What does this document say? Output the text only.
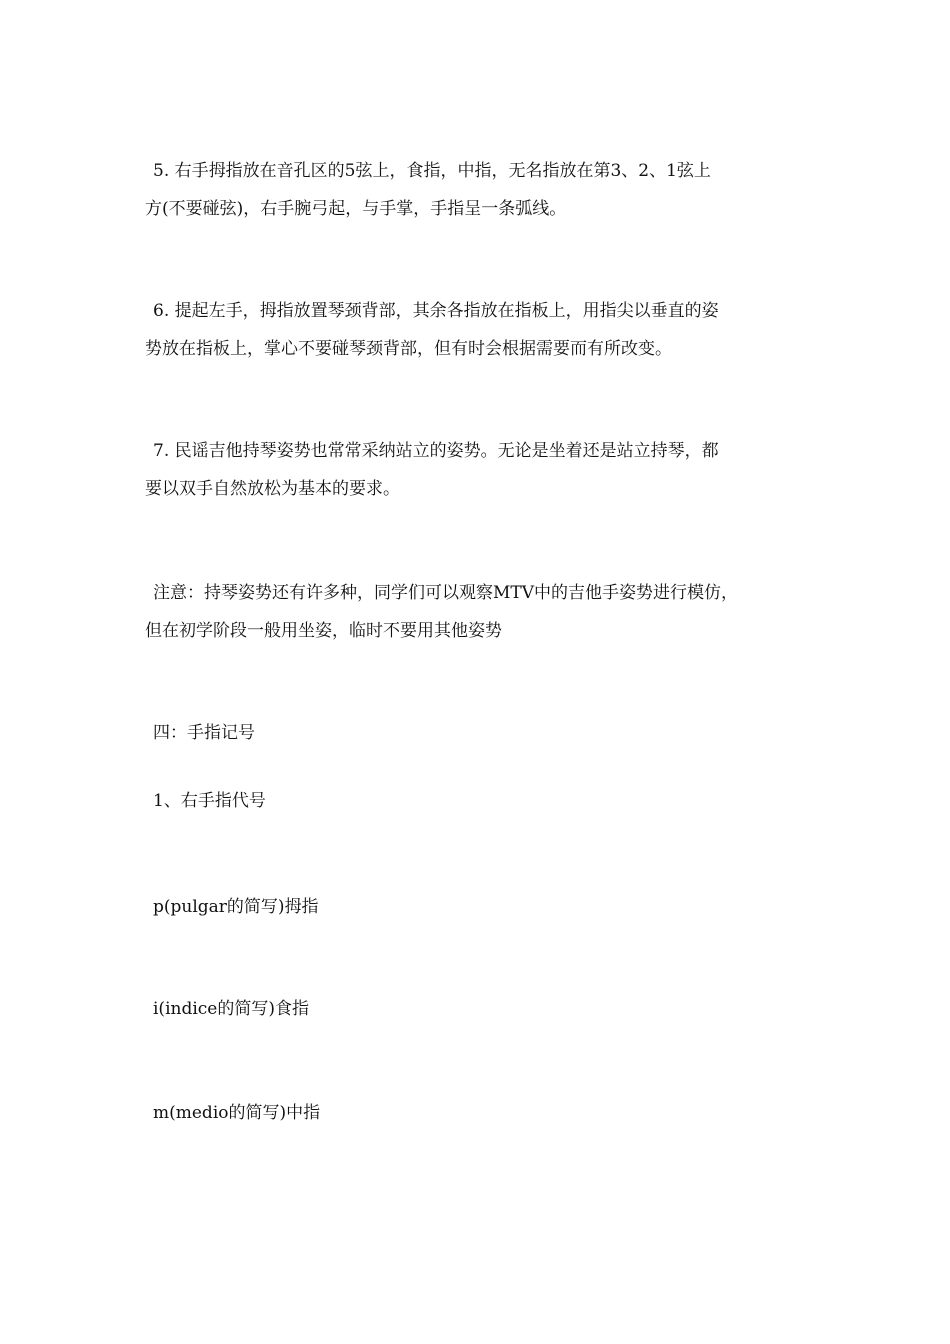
5. 右手拇指放在音孔区的5弦上，食指，中指，无名指放在第3、2、1弦上
方(不要碰弦)，右手腕弓起，与手掌，手指呈一条弧线。

6. 提起左手，拇指放置琴颈背部，其余各指放在指板上，用指尖以垂直的姿
势放在指板上，掌心不要碰琴颈背部，但有时会根据需要而有所改变。

7. 民谣吉他持琴姿势也常常采纳站立的姿势。无论是坐着还是站立持琴，都
要以双手自然放松为基本的要求。

注意：持琴姿势还有许多种，同学们可以观察MTV中的吉他手姿势进行模仿，
但在初学阶段一般用坐姿，临时不要用其他姿势

四：手指记号

1、右手指代号

p(pulgar的简写)拇指

i(indice的简写)食指

m(medio的简写)中指
